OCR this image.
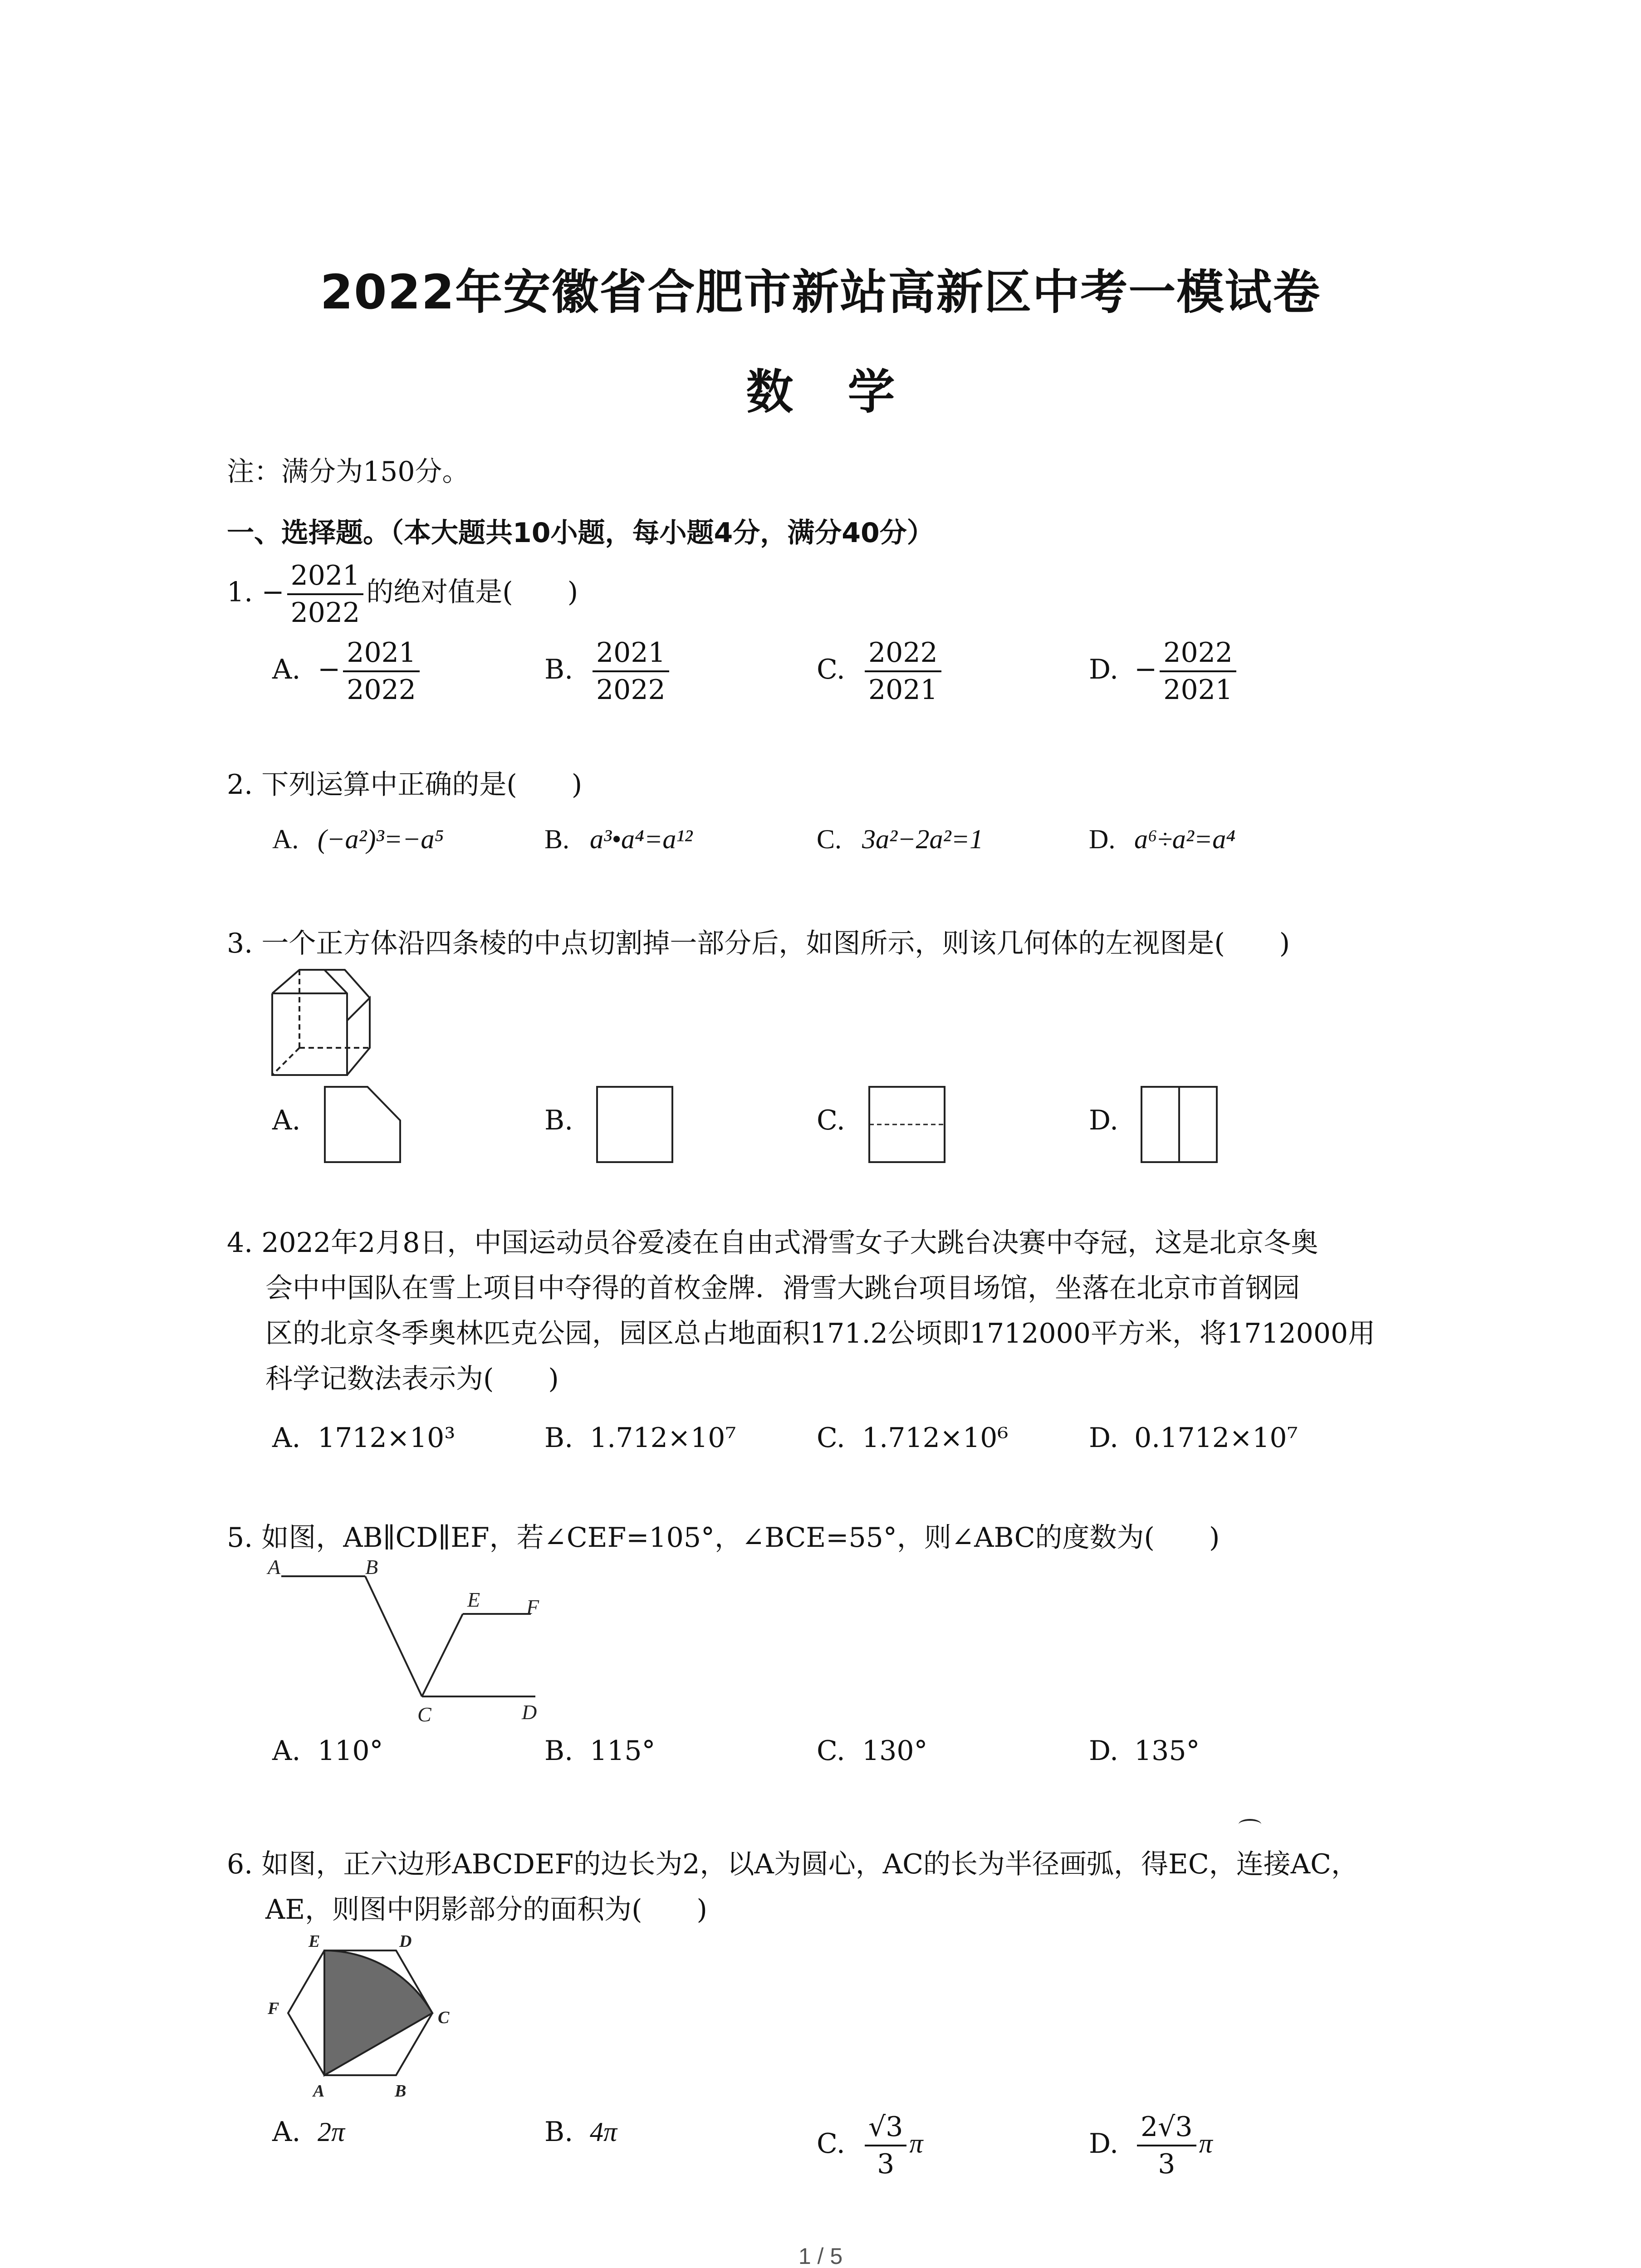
2022年安徽省合肥市新站高新区中考一模试卷
数学
注：满分为150分。
一、选择题。（本大题共10小题，每小题4分，满分40分）
1. − $\frac{2021}{2022}$ 的绝对值是(　　)
A. − $\frac{2021}{2022}$	B. $\frac{2021}{2022}$	C. $\frac{2022}{2021}$	D. − $\frac{2022}{2021}$
2. 下列运算中正确的是(　　)
A. (−a²)³=−a⁵	B. a³•a⁴=a¹²	C. 3a²−2a²=1	D. a⁶÷a²=a⁴
3. 一个正方体沿四条棱的中点切割掉一部分后，如图所示，则该几何体的左视图是(　　)
A.	B.	C.	D.
4. 2022年2月8日，中国运动员谷爱凌在自由式滑雪女子大跳台决赛中夺冠，这是北京冬奥
会中中国队在雪上项目中夺得的首枚金牌．滑雪大跳台项目场馆，坐落在北京市首钢园
区的北京冬季奥林匹克公园，园区总占地面积171.2公顷即1712000平方米，将1712000用
科学记数法表示为(　　)
A. 1712×10³	B. 1.712×10⁷	C. 1.712×10⁶	D. 0.1712×10⁷
5. 如图，AB∥CD∥EF，若∠CEF=105°，∠BCE=55°，则∠ABC的度数为(　　)
A	B
E F
C	D
A. 110°	B. 115°	C. 130°	D. 135°
6. 如图，正六边形ABCDEF的边长为2，以A为圆心，AC的长为半径画弧，得EC，连接AC，
AE，则图中阴影部分的面积为(　　)
E	D
F	C
A	B
A. 2π	B. 4π	C. $\frac{√3}{3}$ π	D. $\frac{2√3}{3}$ π
1 / 5
